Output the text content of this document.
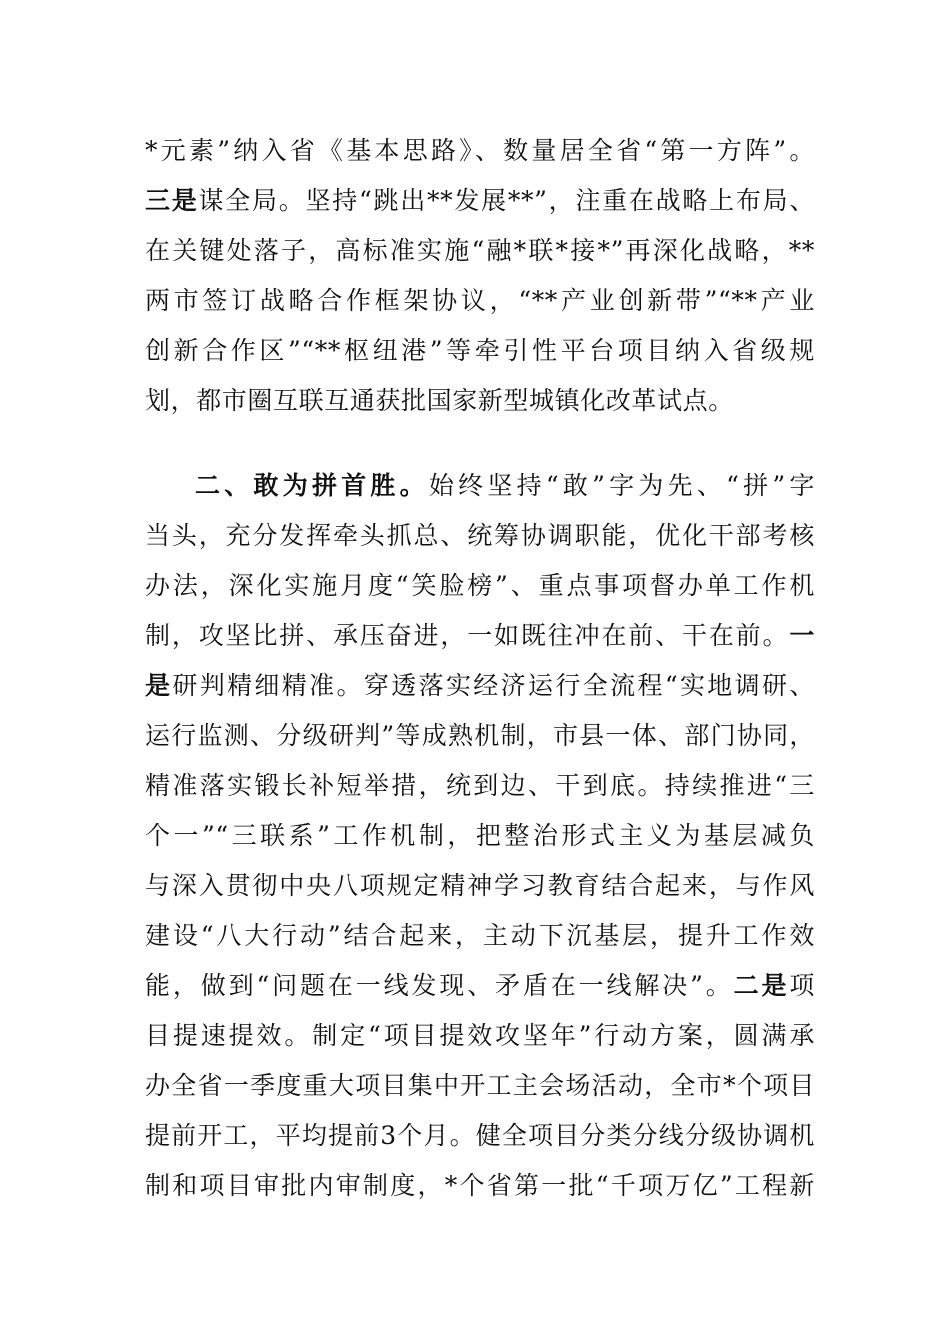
*元素”纳入省《基本思路》、数量居全省“第一方阵”。
三是谋全局。坚持“跳出**发展**”，注重在战略上布局、
在关键处落子，高标准实施“融*联*接*”再深化战略，**
两市签订战略合作框架协议，“**产业创新带”“**产业
创新合作区”“**枢纽港”等牵引性平台项目纳入省级规
划，都市圈互联互通获批国家新型城镇化改革试点。
二、敢为拼首胜。始终坚持“敢”字为先、“拼”字
当头，充分发挥牵头抓总、统筹协调职能，优化干部考核
办法，深化实施月度“笑脸榜”、重点事项督办单工作机
制，攻坚比拼、承压奋进，一如既往冲在前、干在前。一
是研判精细精准。穿透落实经济运行全流程“实地调研、
运行监测、分级研判”等成熟机制，市县一体、部门协同，
精准落实锻长补短举措，统到边、干到底。持续推进“三
个一”“三联系”工作机制，把整治形式主义为基层减负
与深入贯彻中央八项规定精神学习教育结合起来，与作风
建设“八大行动”结合起来，主动下沉基层，提升工作效
能，做到“问题在一线发现、矛盾在一线解决”。二是项
目提速提效。制定“项目提效攻坚年”行动方案，圆满承
办全省一季度重大项目集中开工主会场活动，全市*个项目
提前开工，平均提前3个月。健全项目分类分线分级协调机
制和项目审批内审制度，*个省第一批“千项万亿”工程新
